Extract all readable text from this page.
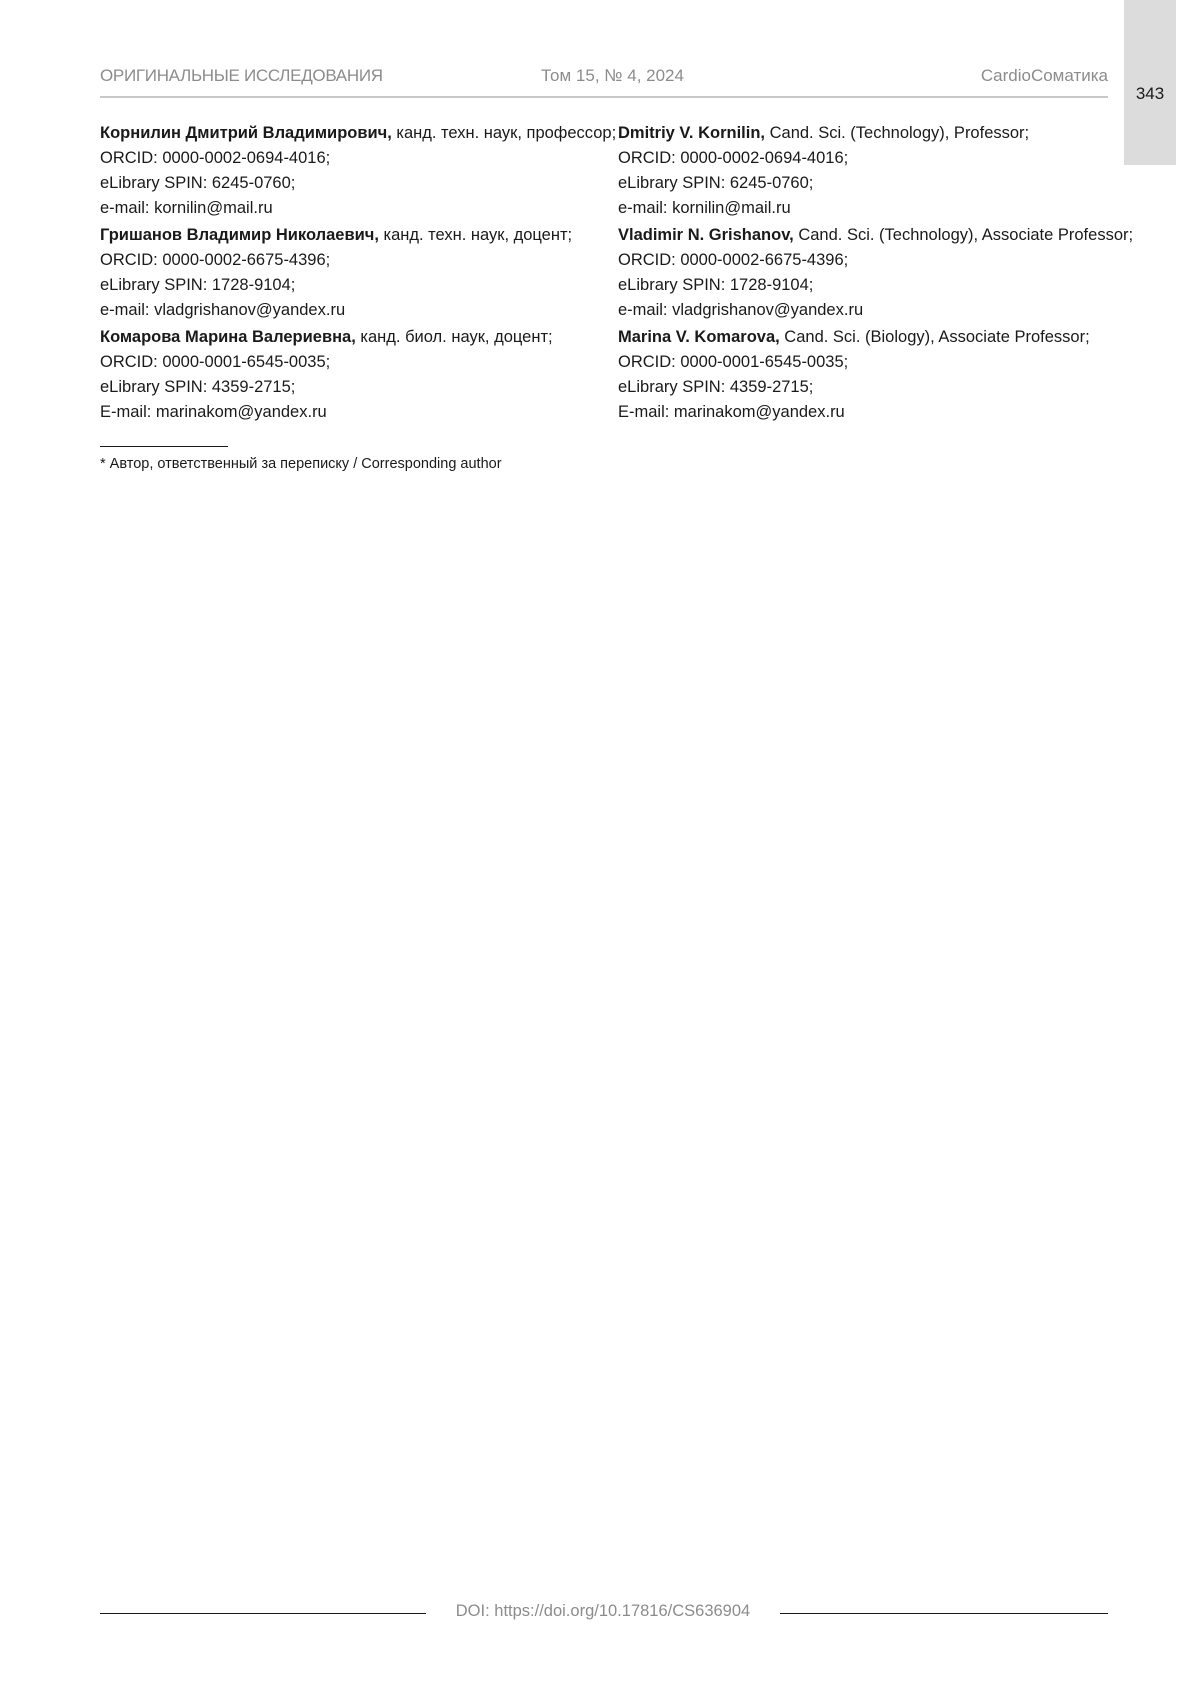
343
ОРИГИНАЛЬНЫЕ ИССЛЕДОВАНИЯ	Том 15, № 4, 2024	CardioСоматика
Корнилин Дмитрий Владимирович, канд. техн. наук, профессор;
ORCID: 0000-0002-0694-4016;
eLibrary SPIN: 6245-0760;
e-mail: kornilin@mail.ru
Гришанов Владимир Николаевич, канд. техн. наук, доцент;
ORCID: 0000-0002-6675-4396;
eLibrary SPIN: 1728-9104;
e-mail: vladgrishanov@yandex.ru
Комарова Марина Валериевна, канд. биол. наук, доцент;
ORCID: 0000-0001-6545-0035;
eLibrary SPIN: 4359-2715;
E-mail: marinakom@yandex.ru
Dmitriy V. Kornilin, Cand. Sci. (Technology), Professor;
ORCID: 0000-0002-0694-4016;
eLibrary SPIN: 6245-0760;
e-mail: kornilin@mail.ru
Vladimir N. Grishanov, Cand. Sci. (Technology), Associate Professor;
ORCID: 0000-0002-6675-4396;
eLibrary SPIN: 1728-9104;
e-mail: vladgrishanov@yandex.ru
Marina V. Komarova, Cand. Sci. (Biology), Associate Professor;
ORCID: 0000-0001-6545-0035;
eLibrary SPIN: 4359-2715;
E-mail: marinakom@yandex.ru
* Автор, ответственный за переписку / Corresponding author
DOI: https://doi.org/10.17816/CS636904
